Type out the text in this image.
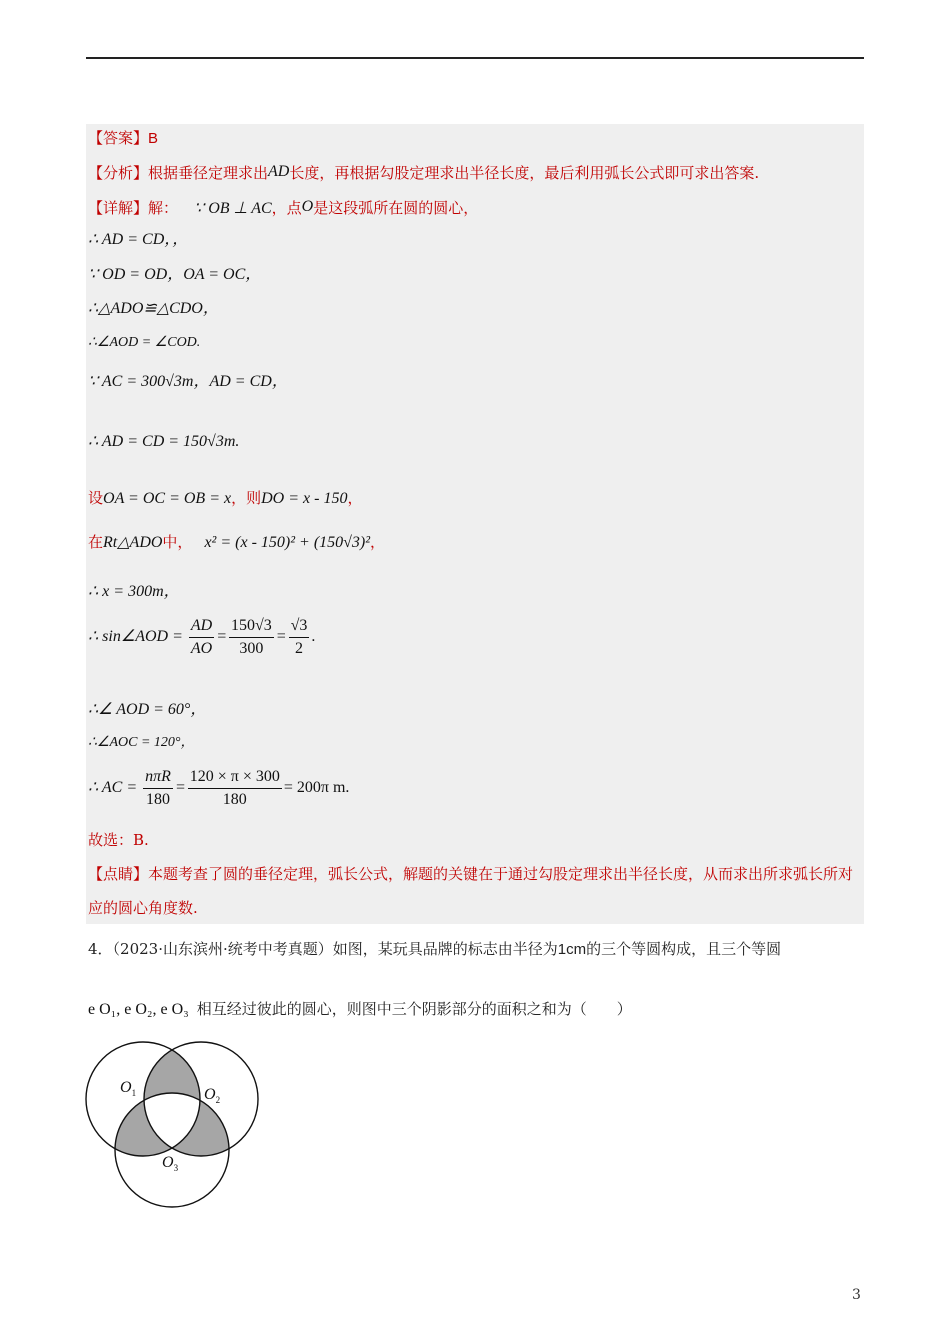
【答案】B
【分析】根据垂径定理求出AD长度，再根据勾股定理求出半径长度，最后利用弧长公式即可求出答案.
【详解】解： ∵ OB ⊥ AC，点O是这段弧所在圆的圆心，
∴ AD = CD，，
∵ OD = OD，OA = OC，
∴△ADO≌△CDO，
∴∠AOD = ∠COD.
∵ AC = 300√3m，AD = CD，
∴ AD = CD = 150√3m.
设OA = OC = OB = x，则DO = x - 150，
在Rt△ADO中， x² = (x - 150)² + (150√3)²，
∴ x = 300m，
∴ sin∠AOD = $\frac{AD}{AO} = \frac{150√3}{300} = \frac{√3}{2}$ .
∴∠ AOD = 60°，
∴∠AOC = 120°，
∴ AC = $\frac{\text{nπR}}{180} = \frac{120 \times \pi \times 300}{180} = 200\pi$ m.
故选：B.
【点睛】本题考查了圆的垂径定理，弧长公式，解题的关键在于通过勾股定理求出半径长度，从而求出所求弧长所对应的圆心角度数.
4．（2023·山东滨州·统考中考真题）如图，某玩具品牌的标志由半径为1cm的三个等圆构成，且三个等圆
e O₁, e O₂, e O₃ 相互经过彼此的圆心，则图中三个阴影部分的面积之和为（　　）
$O_1$	$O_2$
$O_3$
3
